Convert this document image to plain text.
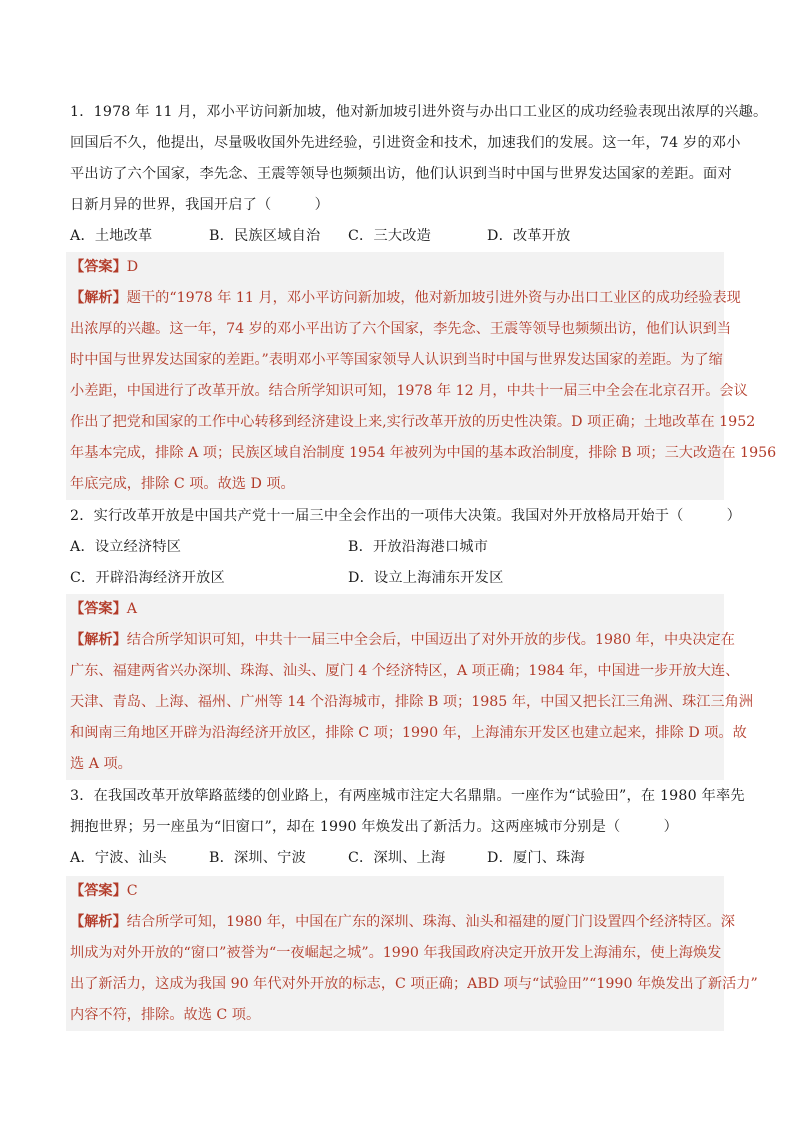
1．1978 年 11 月，邓小平访问新加坡，他对新加坡引进外资与办出口工业区的成功经验表现出浓厚的兴趣。
回国后不久，他提出，尽量吸收国外先进经验，引进资金和技术，加速我们的发展。这一年，74 岁的邓小
平出访了六个国家，李先念、王震等领导也频频出访，他们认识到当时中国与世界发达国家的差距。面对
日新月异的世界，我国开启了（　　　）
A．土地改革	B．民族区域自治	C．三大改造	D．改革开放
【答案】D
【解析】题干的“1978 年 11 月，邓小平访问新加坡，他对新加坡引进外资与办出口工业区的成功经验表现
出浓厚的兴趣。这一年，74 岁的邓小平出访了六个国家，李先念、王震等领导也频频出访，他们认识到当
时中国与世界发达国家的差距。”表明邓小平等国家领导人认识到当时中国与世界发达国家的差距。为了缩
小差距，中国进行了改革开放。结合所学知识可知，1978 年 12 月，中共十一届三中全会在北京召开。会议
作出了把党和国家的工作中心转移到经济建设上来,实行改革开放的历史性决策。D 项正确；土地改革在 1952
年基本完成，排除 A 项；民族区域自治制度 1954 年被列为中国的基本政治制度，排除 B 项；三大改造在 1956
年底完成，排除 C 项。故选 D 项。
2．实行改革开放是中国共产党十一届三中全会作出的一项伟大决策。我国对外开放格局开始于（　　　）
A．设立经济特区	B．开放沿海港口城市
C．开辟沿海经济开放区	D．设立上海浦东开发区
【答案】A
【解析】结合所学知识可知，中共十一届三中全会后，中国迈出了对外开放的步伐。1980 年，中央决定在
广东、福建两省兴办深圳、珠海、汕头、厦门 4 个经济特区，A 项正确；1984 年，中国进一步开放大连、
天津、青岛、上海、福州、广州等 14 个沿海城市，排除 B 项；1985 年，中国又把长江三角洲、珠江三角洲
和闽南三角地区开辟为沿海经济开放区，排除 C 项；1990 年，上海浦东开发区也建立起来，排除 D 项。故
选 A 项。
3．在我国改革开放筚路蓝缕的创业路上，有两座城市注定大名鼎鼎。一座作为“试验田”，在 1980 年率先
拥抱世界；另一座虽为“旧窗口”，却在 1990 年焕发出了新活力。这两座城市分别是（　　　）
A．宁波、汕头	B．深圳、宁波	C．深圳、上海	D．厦门、珠海
【答案】C
【解析】结合所学可知，1980 年，中国在广东的深圳、珠海、汕头和福建的厦门门设置四个经济特区。深
圳成为对外开放的“窗口”被誉为“一夜崛起之城”。1990 年我国政府决定开放开发上海浦东，使上海焕发
出了新活力，这成为我国 90 年代对外开放的标志，C 项正确；ABD 项与“试验田”“1990 年焕发出了新活力”
内容不符，排除。故选 C 项。
